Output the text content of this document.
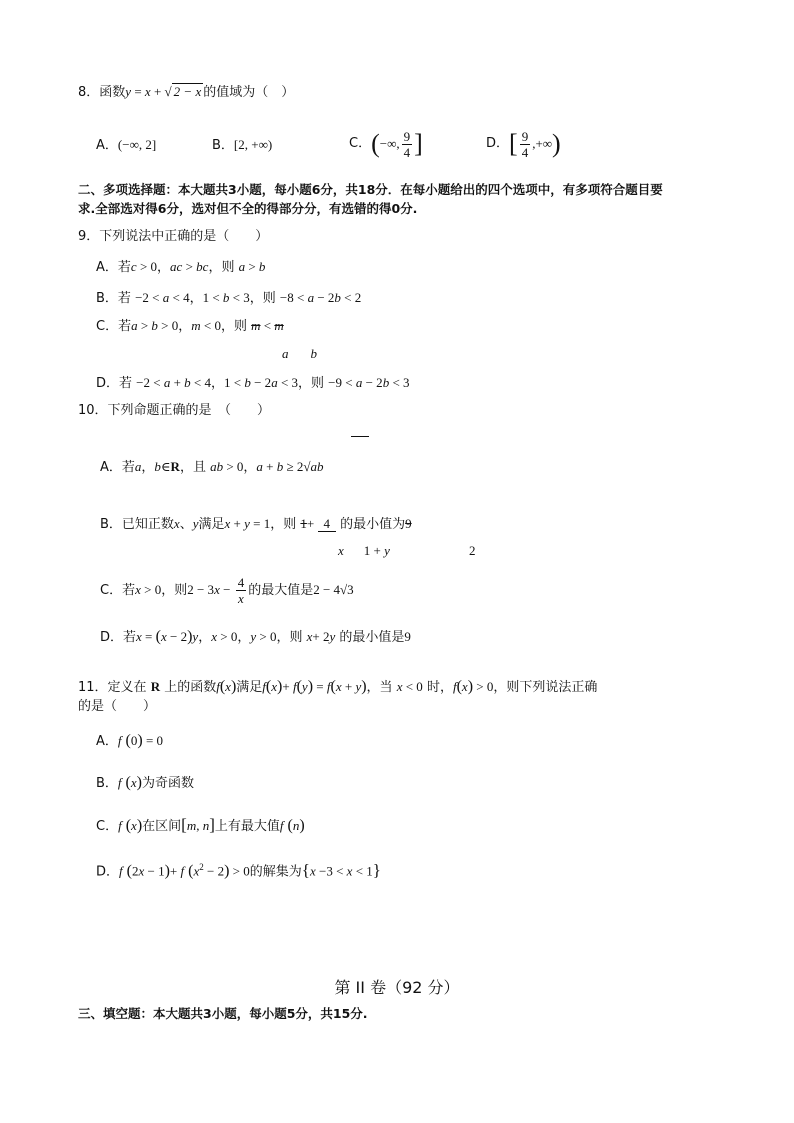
8．函数y = x + √ 2 − x 的值域为（　）
A．(−∞, 2]	B．[2, +∞)	C．(−∞, $\frac{9}{4}$ ]	D．[ $\frac{9}{4}$ ,+∞)
二、多项选择题：本大题共3小题，每小题6分，共18分．在每小题给出的四个选项中，有多项符合题目要
求.全部选对得6分，选对但不全的得部分分，有选错的得0分.
9．下列说法中正确的是（　　）
A．若c > 0，ac > bc，则 a > b
B．若 −2 < a < 4，1 < b < 3，则 −8 < a − 2b < 2
C．若a > b > 0，m < 0，则 m < m
a b
D．若 −2 < a + b < 4，1 < b − 2a < 3，则 −9 < a − 2b < 3
10．下列命题正确的是　（　　）
A．若a，b∈R，且 ab > 0，a + b ≥ 2√ab
B．已知正数x、y满足x + y = 1，则 1+ 4 的最小值为9
x 1 + y	2
C．若x > 0，则$2 - 3x - \frac{4}{x}$ 的最大值是2 − 4√3
D．若x = (x − 2)y，x > 0，y > 0，则 x+ 2y 的最小值是9
11．定义在 R 上的函数f(x)满足f(x)+ f(y) = f(x + y)，当 x < 0 时，f(x) > 0，则下列说法正确
的是（　　）
A．f (0) = 0
B．f (x)为奇函数
C．f (x)在区间[m, n]上有最大值f (n)
D．f (2x − 1)+ f $(x^2 - 2) > 0$的解集为{x −3 < x < 1}
第 II 卷（92 分）
三、填空题：本大题共3小题，每小题5分，共15分.
